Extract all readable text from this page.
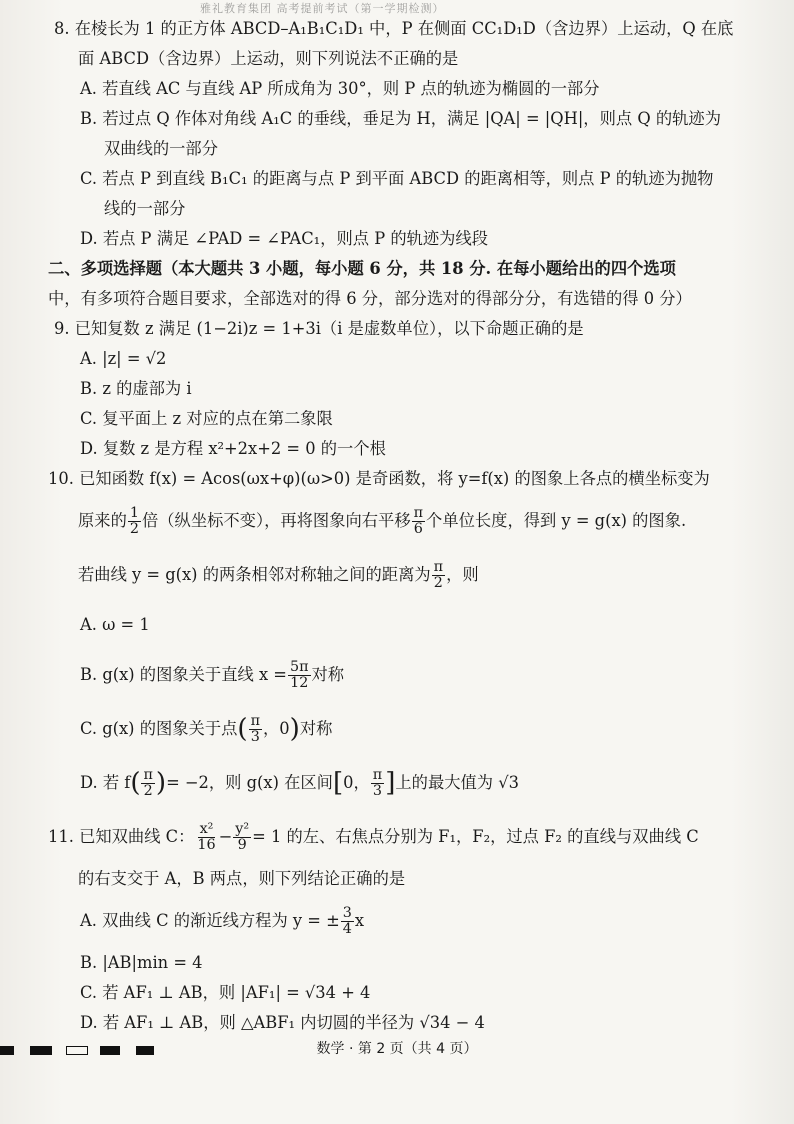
雅礼教育集团 高考提前考试（第一学期检测）
8. 在棱长为 1 的正方体 ABCD–A₁B₁C₁D₁ 中，P 在侧面 CC₁D₁D（含边界）上运动，Q 在底
面 ABCD（含边界）上运动，则下列说法不正确的是
A. 若直线 AC 与直线 AP 所成角为 30°，则 P 点的轨迹为椭圆的一部分
B. 若过点 Q 作体对角线 A₁C 的垂线，垂足为 H，满足 |QA| = |QH|，则点 Q 的轨迹为
双曲线的一部分
C. 若点 P 到直线 B₁C₁ 的距离与点 P 到平面 ABCD 的距离相等，则点 P 的轨迹为抛物
线的一部分
D. 若点 P 满足 ∠PAD = ∠PAC₁，则点 P 的轨迹为线段
二、多项选择题（本大题共 3 小题，每小题 6 分，共 18 分. 在每小题给出的四个选项
中，有多项符合题目要求，全部选对的得 6 分，部分选对的得部分分，有选错的得 0 分）
9. 已知复数 z 满足 (1−2i)z = 1+3i（i 是虚数单位），以下命题正确的是
A. |z| = √2
B. z 的虚部为 i
C. 复平面上 z 对应的点在第二象限
D. 复数 z 是方程 x²+2x+2 = 0 的一个根
10. 已知函数 f(x) = Acos(ωx+φ)(ω>0) 是奇函数，将 y=f(x) 的图象上各点的横坐标变为
原来的 $\frac{1}{2}$ 倍（纵坐标不变），再将图象向右平移 $\frac{\pi}{6}$ 个单位长度，得到 y = g(x) 的图象.
若曲线 y = g(x) 的两条相邻对称轴之间的距离为 $\frac{\pi}{2}$ ，则
A. ω = 1
B. g(x) 的图象关于直线 $x = \frac{5\pi}{12}$ 对称
C. g(x) 的图象关于点( $\frac{\pi}{3}$ ，0)对称
D. 若 $f( \frac{\pi}{2}$ )= −2，则 g(x) 在区间[0， $\frac{\pi}{3}$ ]上的最大值为 √3
11. 已知双曲线 C： $\frac{\text{x²}}{16} - \frac{\text{y²}}{9} = 1$ 的左、右焦点分别为 F₁，F₂，过点 F₂ 的直线与双曲线 C
的右支交于 A，B 两点，则下列结论正确的是
A. 双曲线 C 的渐近线方程为 y = ± $\frac{3}{4}$ x
B. |AB|min = 4
C. 若 AF₁ ⊥ AB，则 |AF₁| = √34 + 4
D. 若 AF₁ ⊥ AB，则 △ABF₁ 内切圆的半径为 √34 − 4
数学 · 第 2 页（共 4 页）
